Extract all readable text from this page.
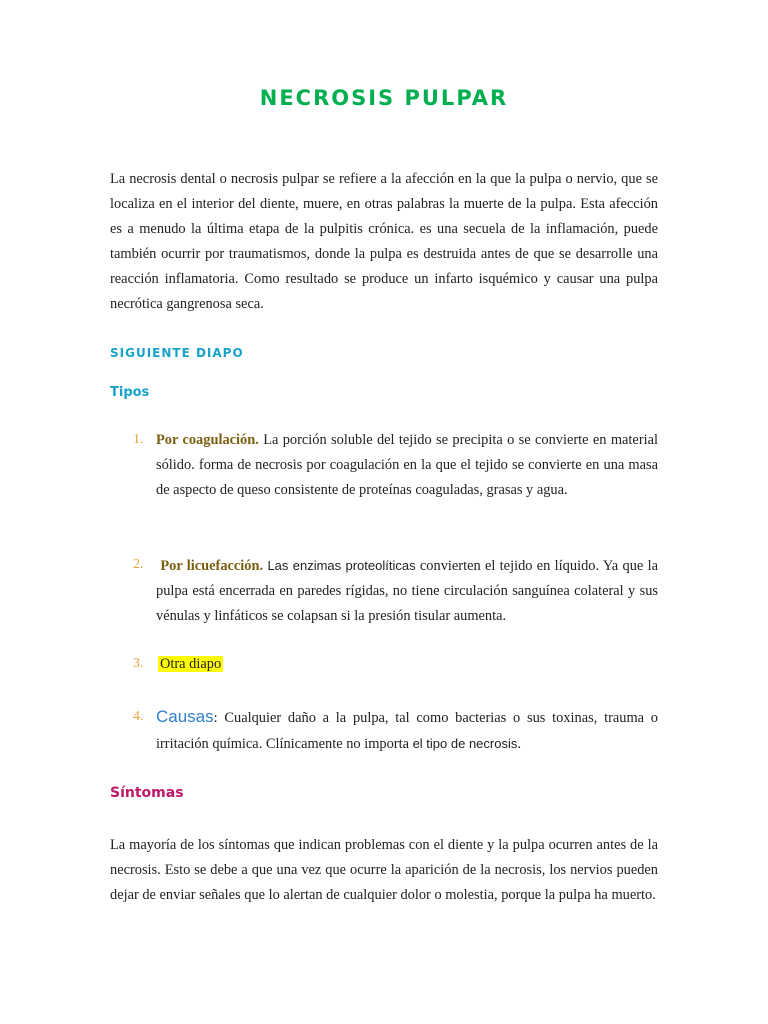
NECROSIS PULPAR
La necrosis dental o necrosis pulpar se refiere a la afección en la que la pulpa o nervio, que se localiza en el interior del diente, muere, en otras palabras la muerte de la pulpa. Esta afección es a menudo la última etapa de la pulpitis crónica. es una secuela de la inflamación, puede también ocurrir por traumatismos, donde la pulpa es destruida antes de que se desarrolle una reacción inflamatoria. Como resultado se produce un infarto isquémico y causar una pulpa necrótica gangrenosa seca.
SIGUIENTE DIAPO
Tipos
1. Por coagulación. La porción soluble del tejido se precipita o se convierte en material sólido. forma de necrosis por coagulación en la que el tejido se convierte en una masa de aspecto de queso consistente de proteínas coaguladas, grasas y agua.
2.	Por licuefacción. Las enzimas proteolíticas convierten el tejido en líquido. Ya que la pulpa está encerrada en paredes rígidas, no tiene circulación sanguínea colateral y sus vénulas y linfáticos se colapsan si la presión tisular aumenta.
3. Otra diapo
4. Causas: Cualquier daño a la pulpa, tal como bacterias o sus toxinas, trauma o irritación química. Clínicamente no importa el tipo de necrosis.
Síntomas
La mayoría de los síntomas que indican problemas con el diente y la pulpa ocurren antes de la necrosis. Esto se debe a que una vez que ocurre la aparición de la necrosis, los nervios pueden dejar de enviar señales que lo alertan de cualquier dolor o molestia, porque la pulpa ha muerto.
